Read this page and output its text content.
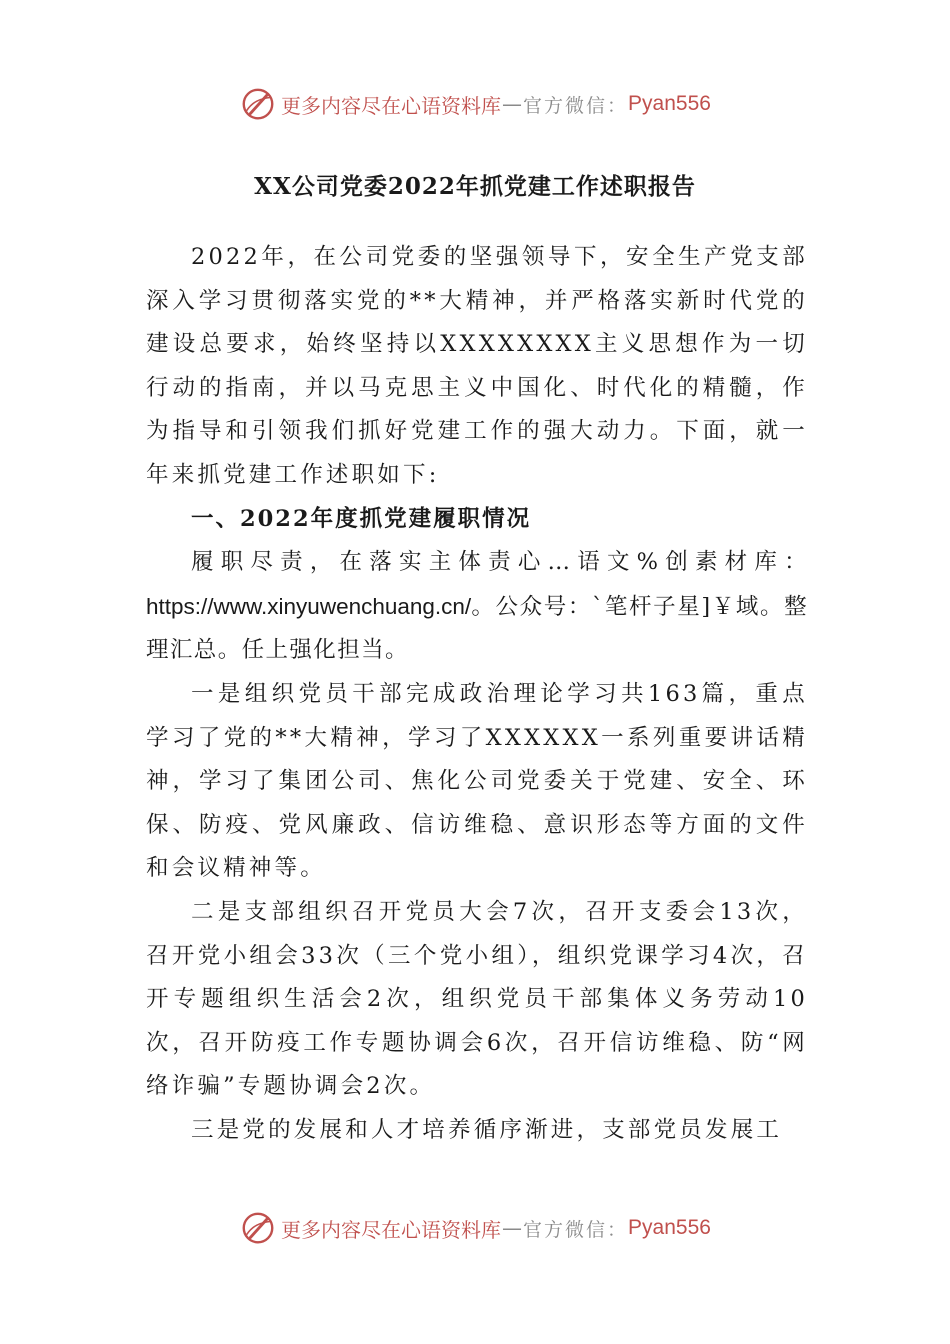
更多内容尽在心语资料库 — 官方微信： Pyan556
XX公司党委2022年抓党建工作述职报告

2022年，在公司党委的坚强领导下，安全生产党支部深入学习贯彻落实党的**大精神，并严格落实新时代党的建设总要求，始终坚持以XXXXXXXX主义思想作为一切行动的指南，并以马克思主义中国化、时代化的精髓，作为指导和引领我们抓好党建工作的强大动力。下面，就一年来抓党建工作述职如下:

一、2022年度抓党建履职情况

履职尽责，在落实主体责心…语文%创素材库：https://www.xinyuwenchuang.cn/。公众号：`笔杆子星]￥域。整理汇总。任上强化担当。

一是组织党员干部完成政治理论学习共163篇，重点学习了党的**大精神，学习了XXXXXX一系列重要讲话精神，学习了集团公司、焦化公司党委关于党建、安全、环保、防疫、党风廉政、信访维稳、意识形态等方面的文件和会议精神等。

二是支部组织召开党员大会7次，召开支委会13次，召开党小组会33次（三个党小组），组织党课学习4次，召开专题组织生活会2次，组织党员干部集体义务劳动10次，召开防疫工作专题协调会6次，召开信访维稳、防“网络诈骗”专题协调会2次。

三是党的发展和人才培养循序渐进，支部党员发展工

更多内容尽在心语资料库 — 官方微信： Pyan556
